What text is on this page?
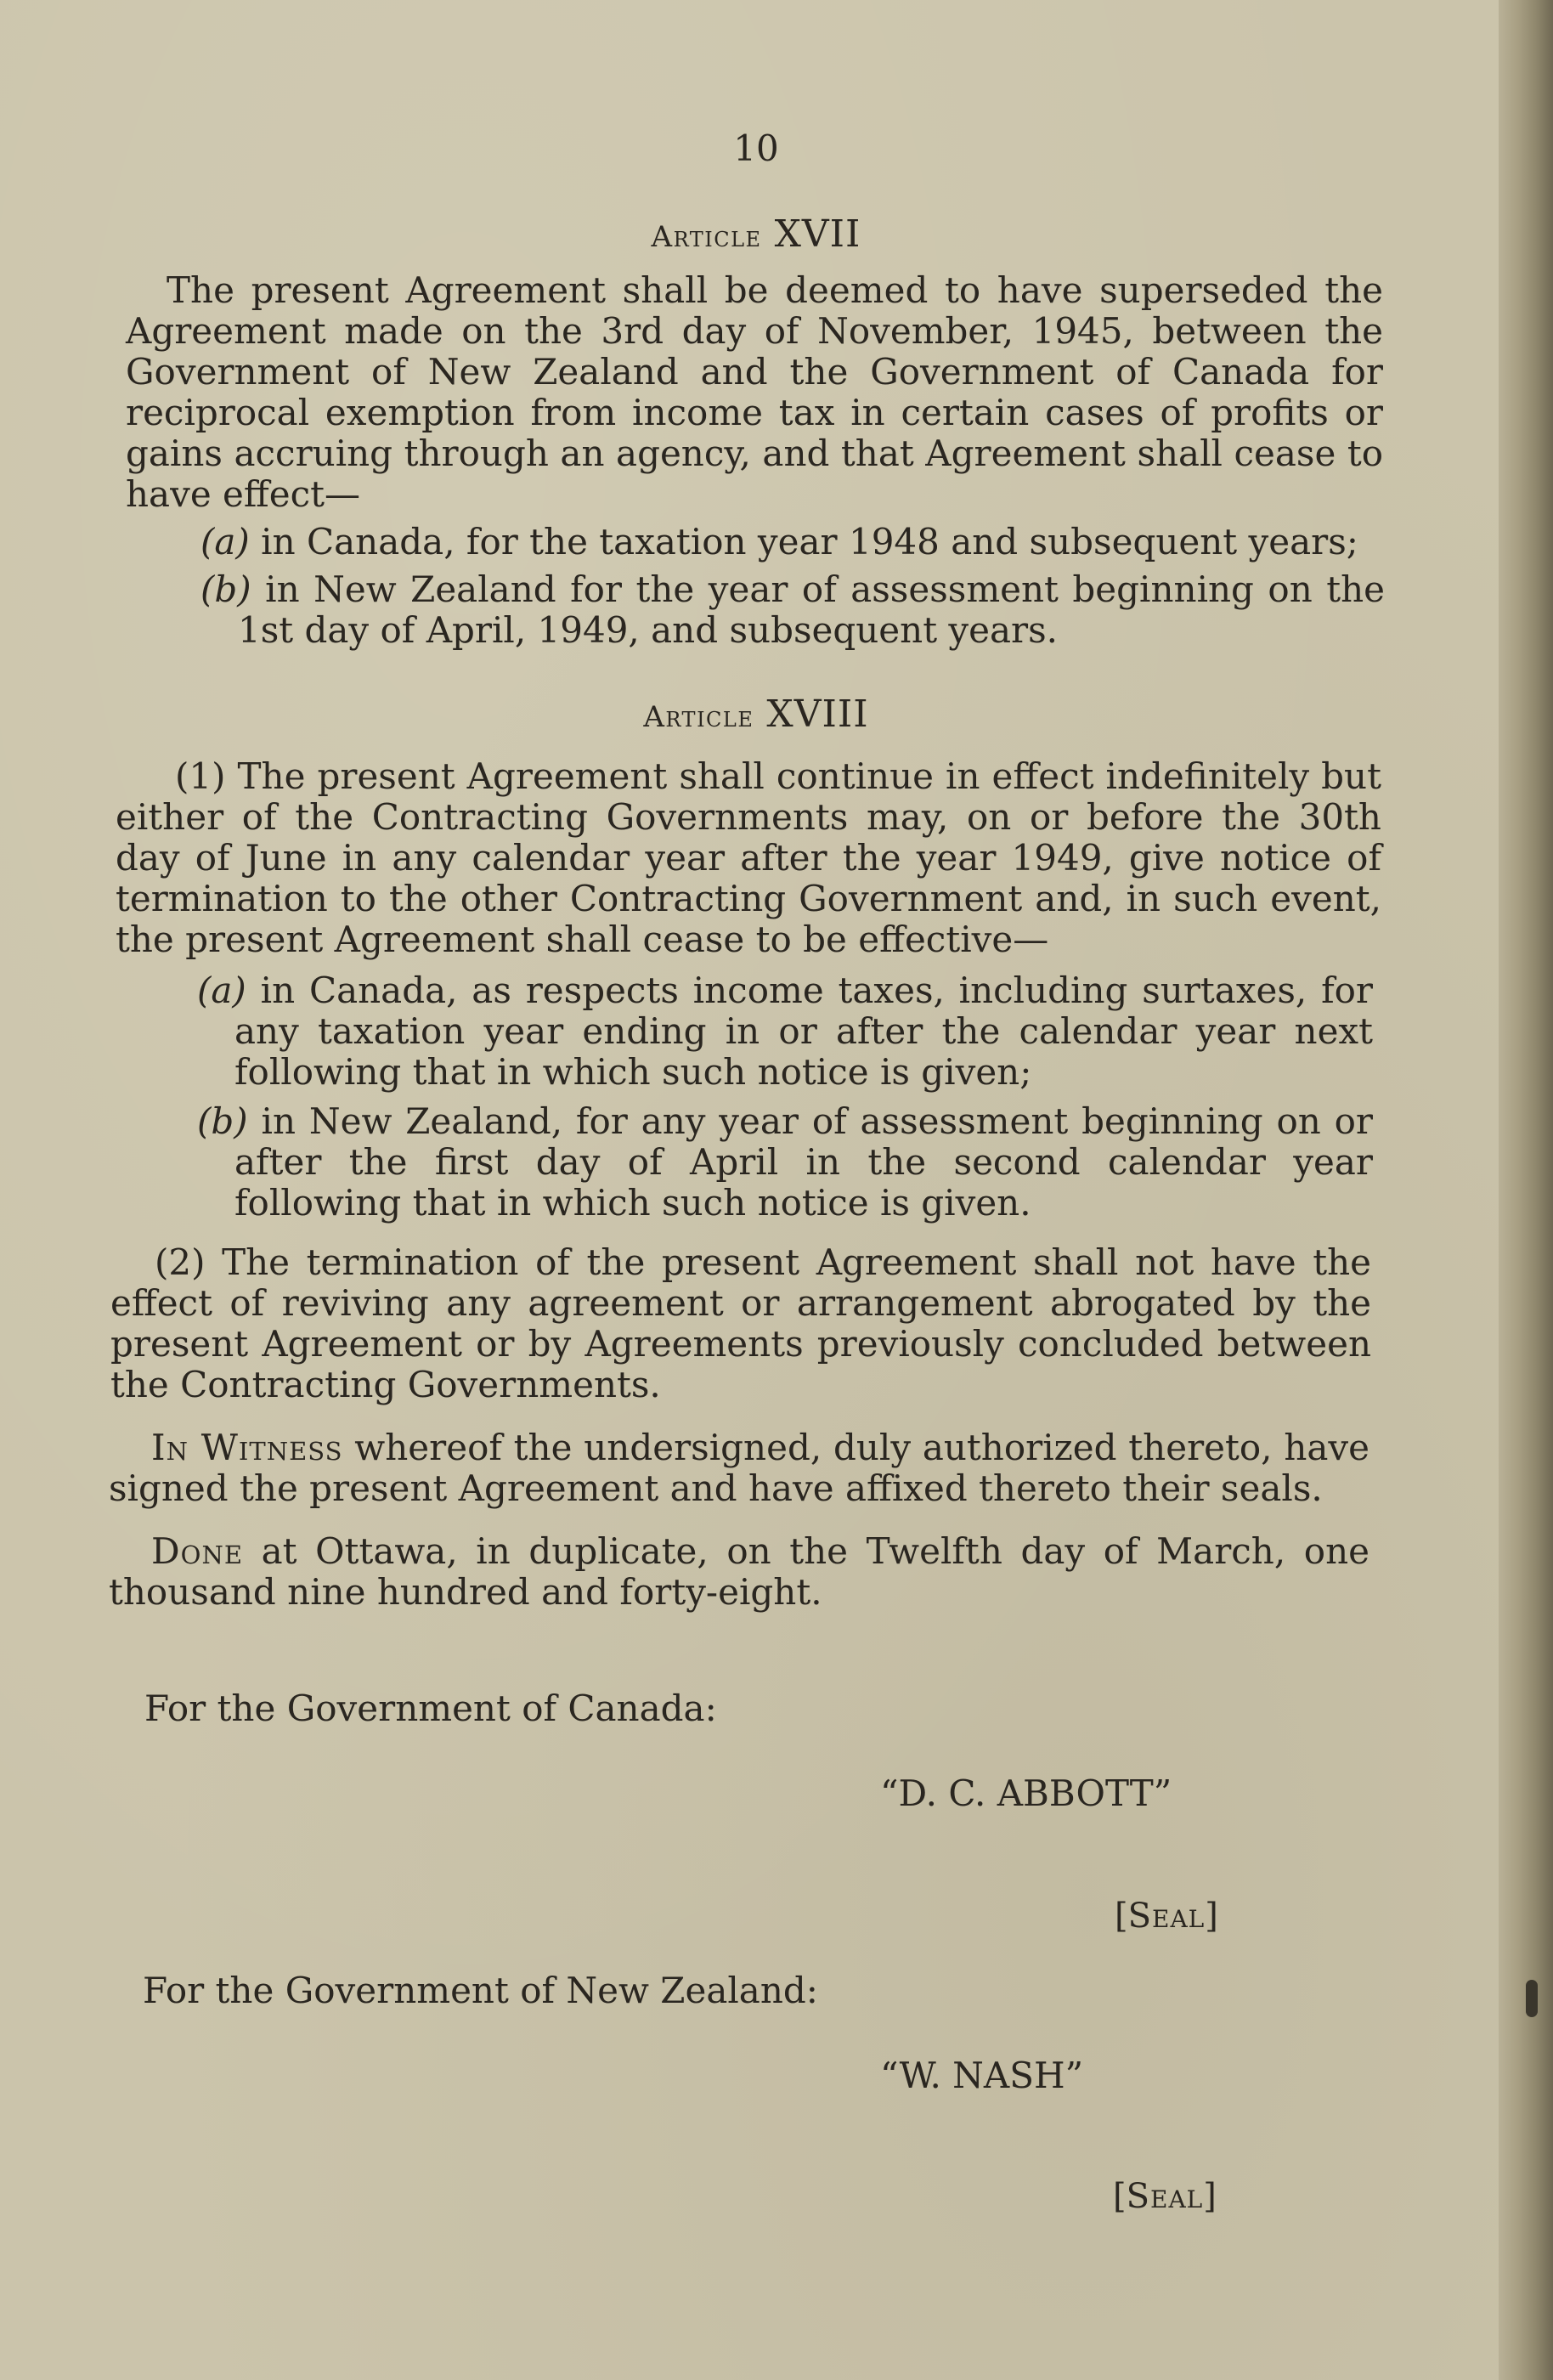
10
Article XVII
The present Agreement shall be deemed to have superseded the Agreement made on the 3rd day of November, 1945, between the Government of New Zealand and the Government of Canada for reciprocal exemption from income tax in certain cases of profits or gains accruing through an agency, and that Agreement shall cease to have effect—
(a) in Canada, for the taxation year 1948 and subsequent years;
(b) in New Zealand for the year of assessment beginning on the 1st day of April, 1949, and subsequent years.
Article XVIII
(1) The present Agreement shall continue in effect indefinitely but either of the Contracting Governments may, on or before the 30th day of June in any calendar year after the year 1949, give notice of termination to the other Contracting Government and, in such event, the present Agreement shall cease to be effective—
(a) in Canada, as respects income taxes, including surtaxes, for any taxation year ending in or after the calendar year next following that in which such notice is given;
(b) in New Zealand, for any year of assessment beginning on or after the first day of April in the second calendar year following that in which such notice is given.
(2) The termination of the present Agreement shall not have the effect of reviving any agreement or arrangement abrogated by the present Agreement or by Agreements previously concluded between the Contracting Governments.
In Witness whereof the undersigned, duly authorized thereto, have signed the present Agreement and have affixed thereto their seals.
Done at Ottawa, in duplicate, on the Twelfth day of March, one thousand nine hundred and forty-eight.
For the Government of Canada:
“D. C. ABBOTT”
[Seal]
For the Government of New Zealand:
“W. NASH”
[Seal]
